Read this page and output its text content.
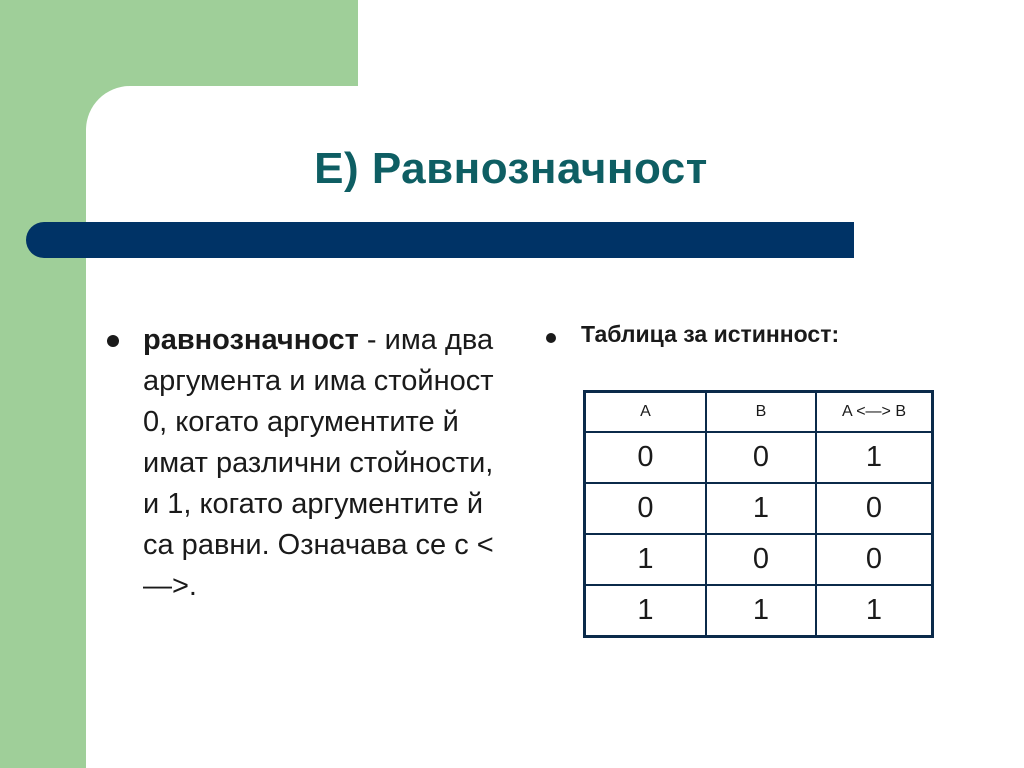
Е) Равнозначност
равнозначност - има два аргумента и има стойност 0, когато аргументите й имат различни стойности, и 1, когато аргументите й са равни. Означава се с <—>.
Таблица за истинност:
A	B	A <—> B
0	0	1
0	1	0
1	0	0
1	1	1
